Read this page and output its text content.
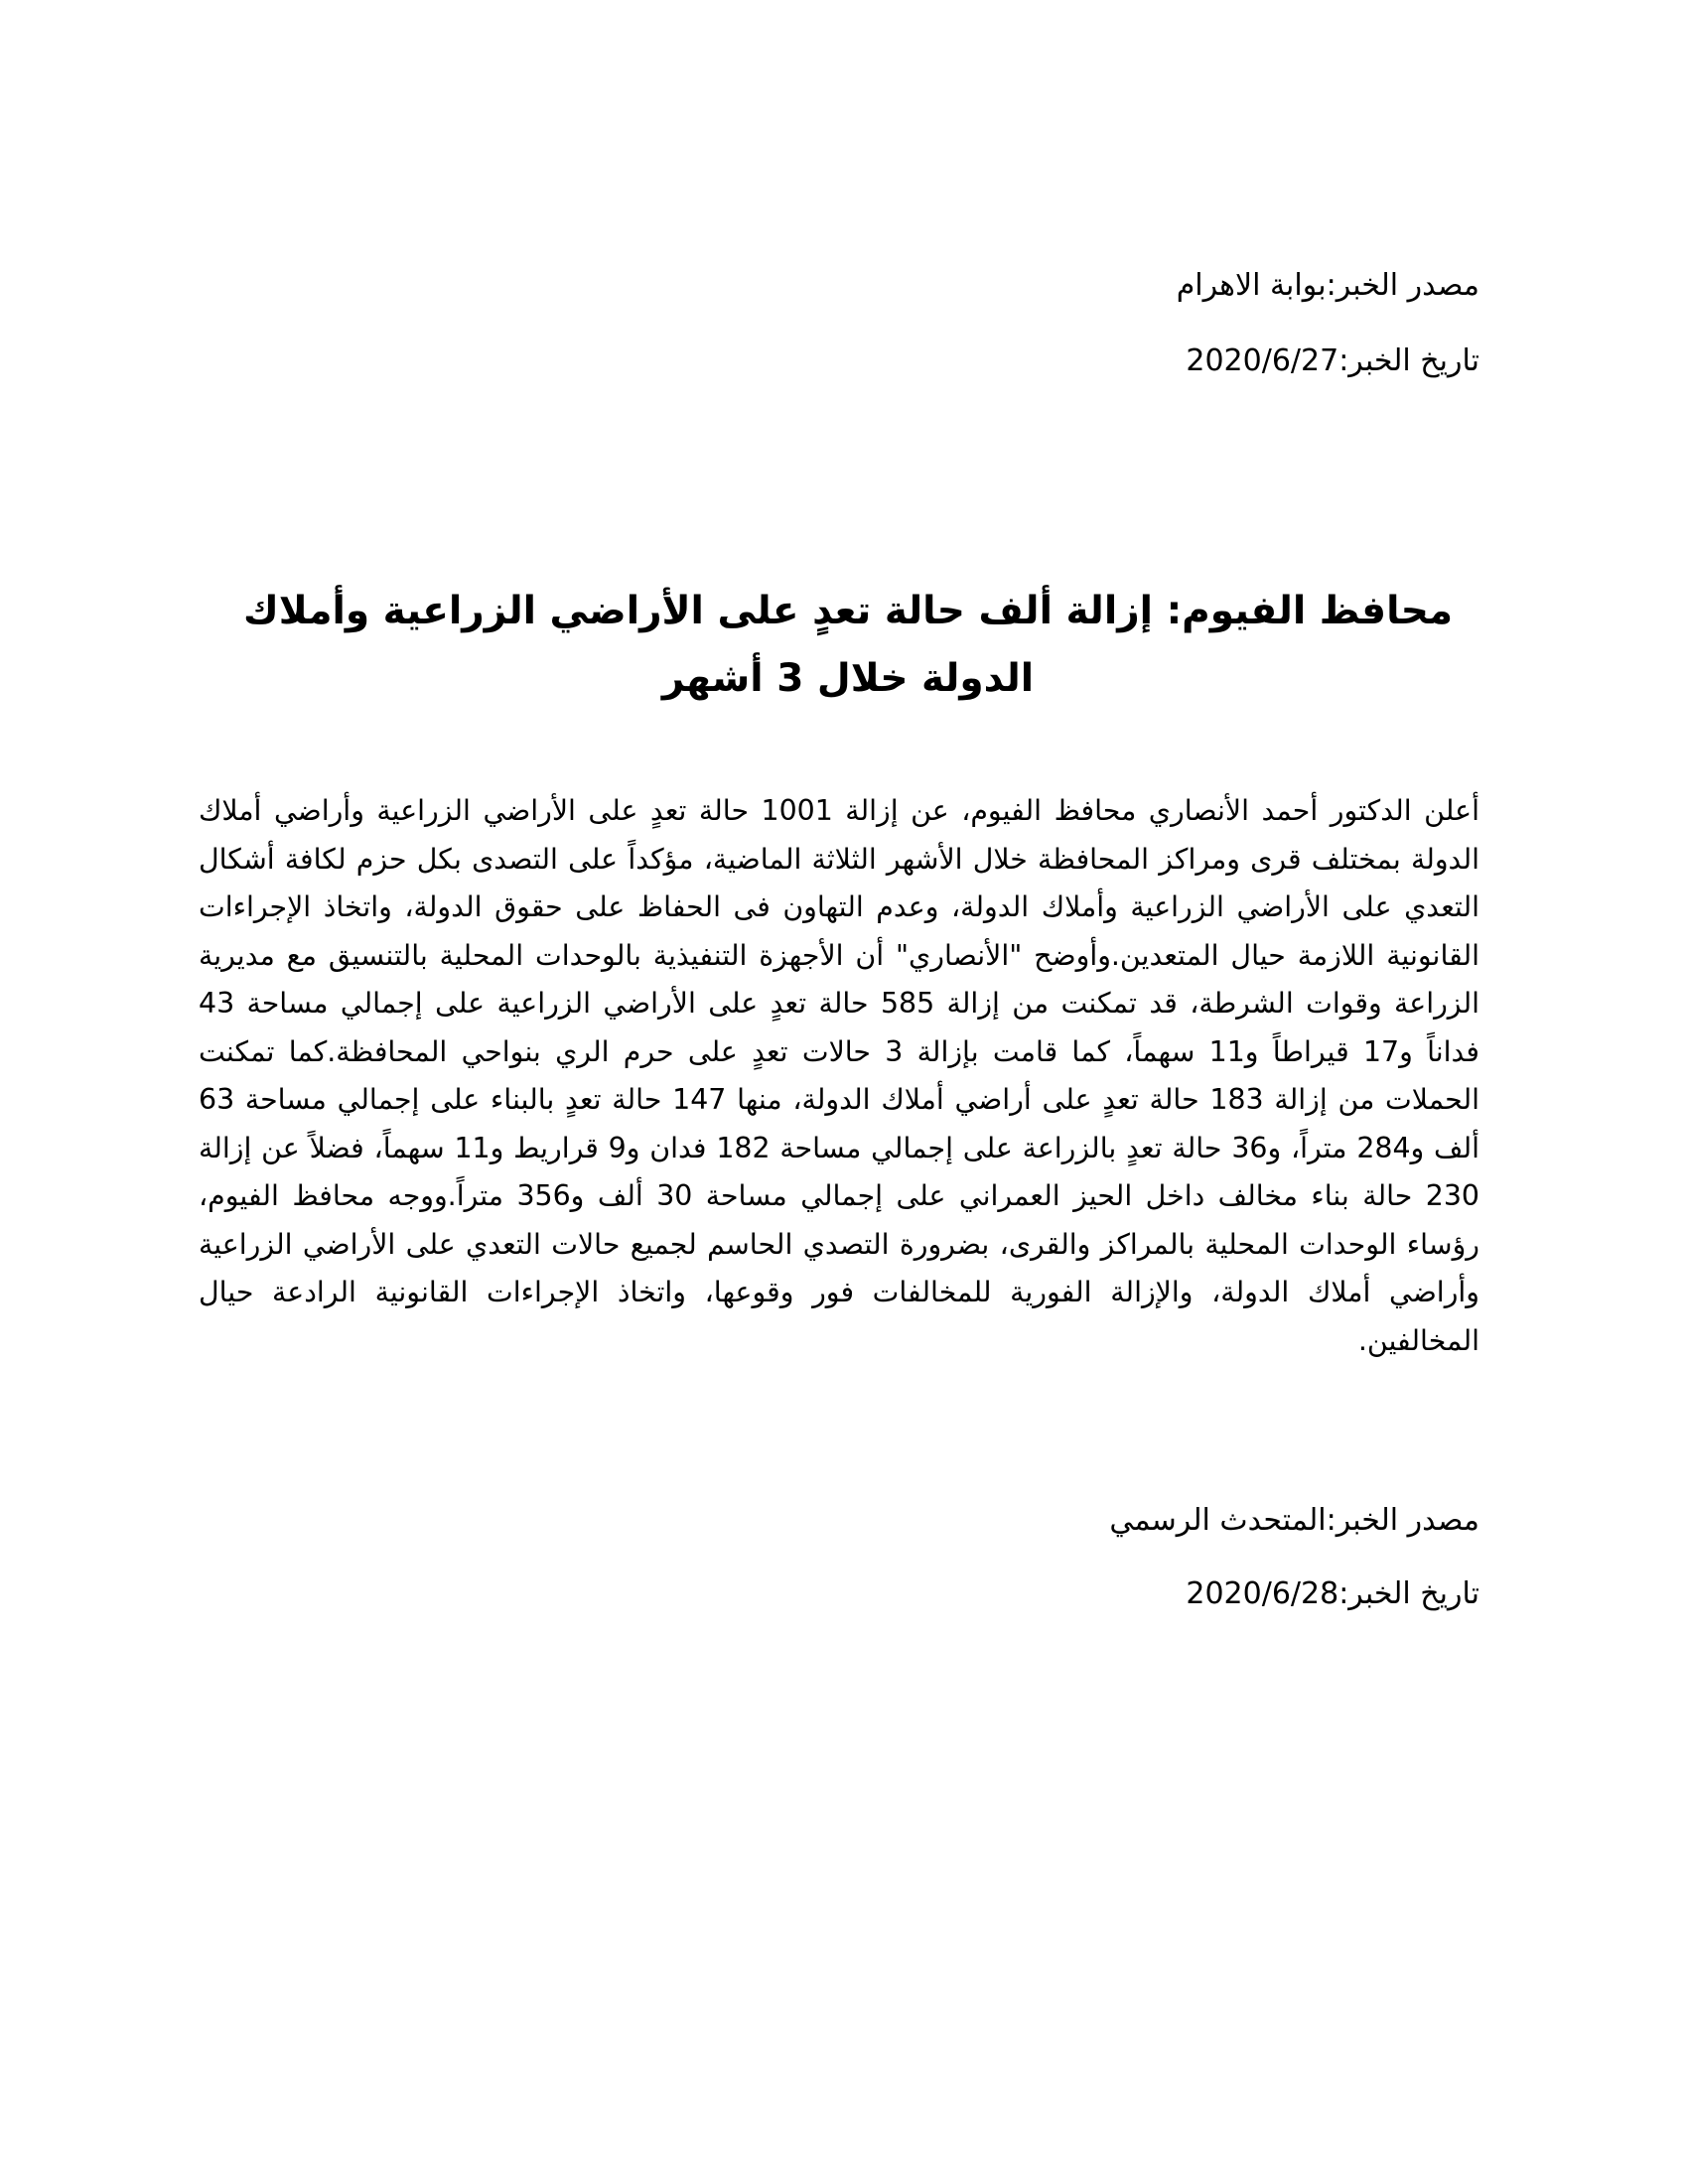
مصدر الخبر:بوابة الاهرام
تاريخ الخبر:2020/6/27
محافظ الفيوم: إزالة ألف حالة تعدٍ على الأراضي الزراعية وأملاك الدولة خلال 3 أشهر

أعلن الدكتور أحمد الأنصاري محافظ الفيوم، عن إزالة 1001 حالة تعدٍ على الأراضي الزراعية وأراضي أملاك الدولة بمختلف قرى ومراكز المحافظة خلال الأشهر الثلاثة الماضية، مؤكداً على التصدى بكل حزم لكافة أشكال التعدي على الأراضي الزراعية وأملاك الدولة، وعدم التهاون فى الحفاظ على حقوق الدولة، واتخاذ الإجراءات القانونية اللازمة حيال المتعدين.وأوضح "الأنصاري" أن الأجهزة التنفيذية بالوحدات المحلية بالتنسيق مع مديرية الزراعة وقوات الشرطة، قد تمكنت من إزالة 585 حالة تعدٍ على الأراضي الزراعية على إجمالي مساحة 43 فداناً و17 قيراطاً و11 سهماً، كما قامت بإزالة 3 حالات تعدٍ على حرم الري بنواحي المحافظة.كما تمكنت الحملات من إزالة 183 حالة تعدٍ على أراضي أملاك الدولة، منها 147 حالة تعدٍ بالبناء على إجمالي مساحة 63 ألف و284 متراً، و36 حالة تعدٍ بالزراعة على إجمالي مساحة 182 فدان و9 قراريط و11 سهماً، فضلاً عن إزالة 230 حالة بناء مخالف داخل الحيز العمراني على إجمالي مساحة 30 ألف و356 متراً.ووجه محافظ الفيوم، رؤساء الوحدات المحلية بالمراكز والقرى، بضرورة التصدي الحاسم لجميع حالات التعدي على الأراضي الزراعية وأراضي أملاك الدولة، والإزالة الفورية للمخالفات فور وقوعها، واتخاذ الإجراءات القانونية الرادعة حيال المخالفين.

مصدر الخبر:المتحدث الرسمي
تاريخ الخبر:2020/6/28
